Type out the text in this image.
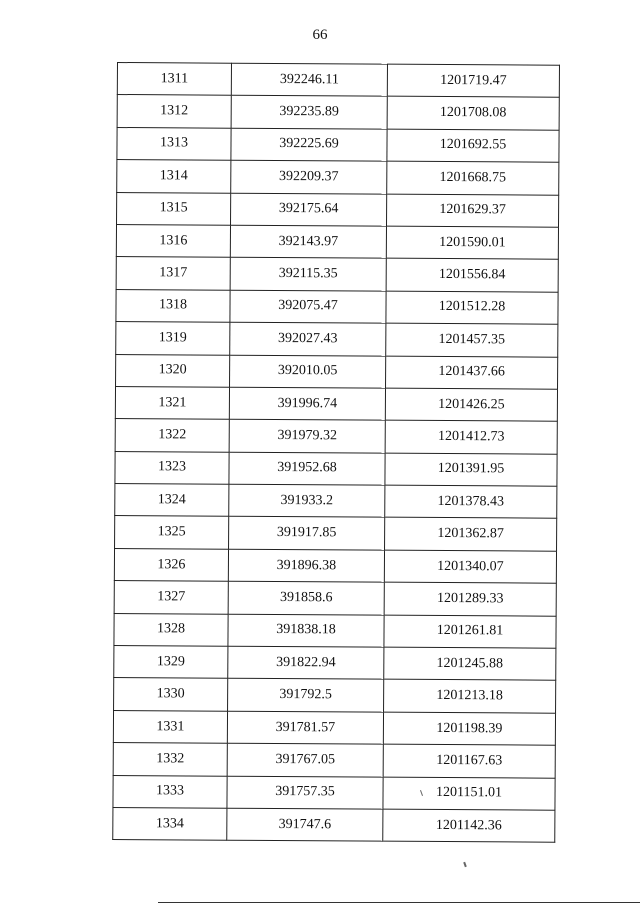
66
1311	392246.11	1201719.47
1312	392235.89	1201708.08
1313	392225.69	1201692.55
1314	392209.37	1201668.75
1315	392175.64	1201629.37
1316	392143.97	1201590.01
1317	392115.35	1201556.84
1318	392075.47	1201512.28
1319	392027.43	1201457.35
1320	392010.05	1201437.66
1321	391996.74	1201426.25
1322	391979.32	1201412.73
1323	391952.68	1201391.95
1324	391933.2	1201378.43
1325	391917.85	1201362.87
1326	391896.38	1201340.07
1327	391858.6	1201289.33
1328	391838.18	1201261.81
1329	391822.94	1201245.88
1330	391792.5	1201213.18
1331	391781.57	1201198.39
1332	391767.05	1201167.63
1333	391757.35	1201151.01
1334	391747.6	1201142.36
